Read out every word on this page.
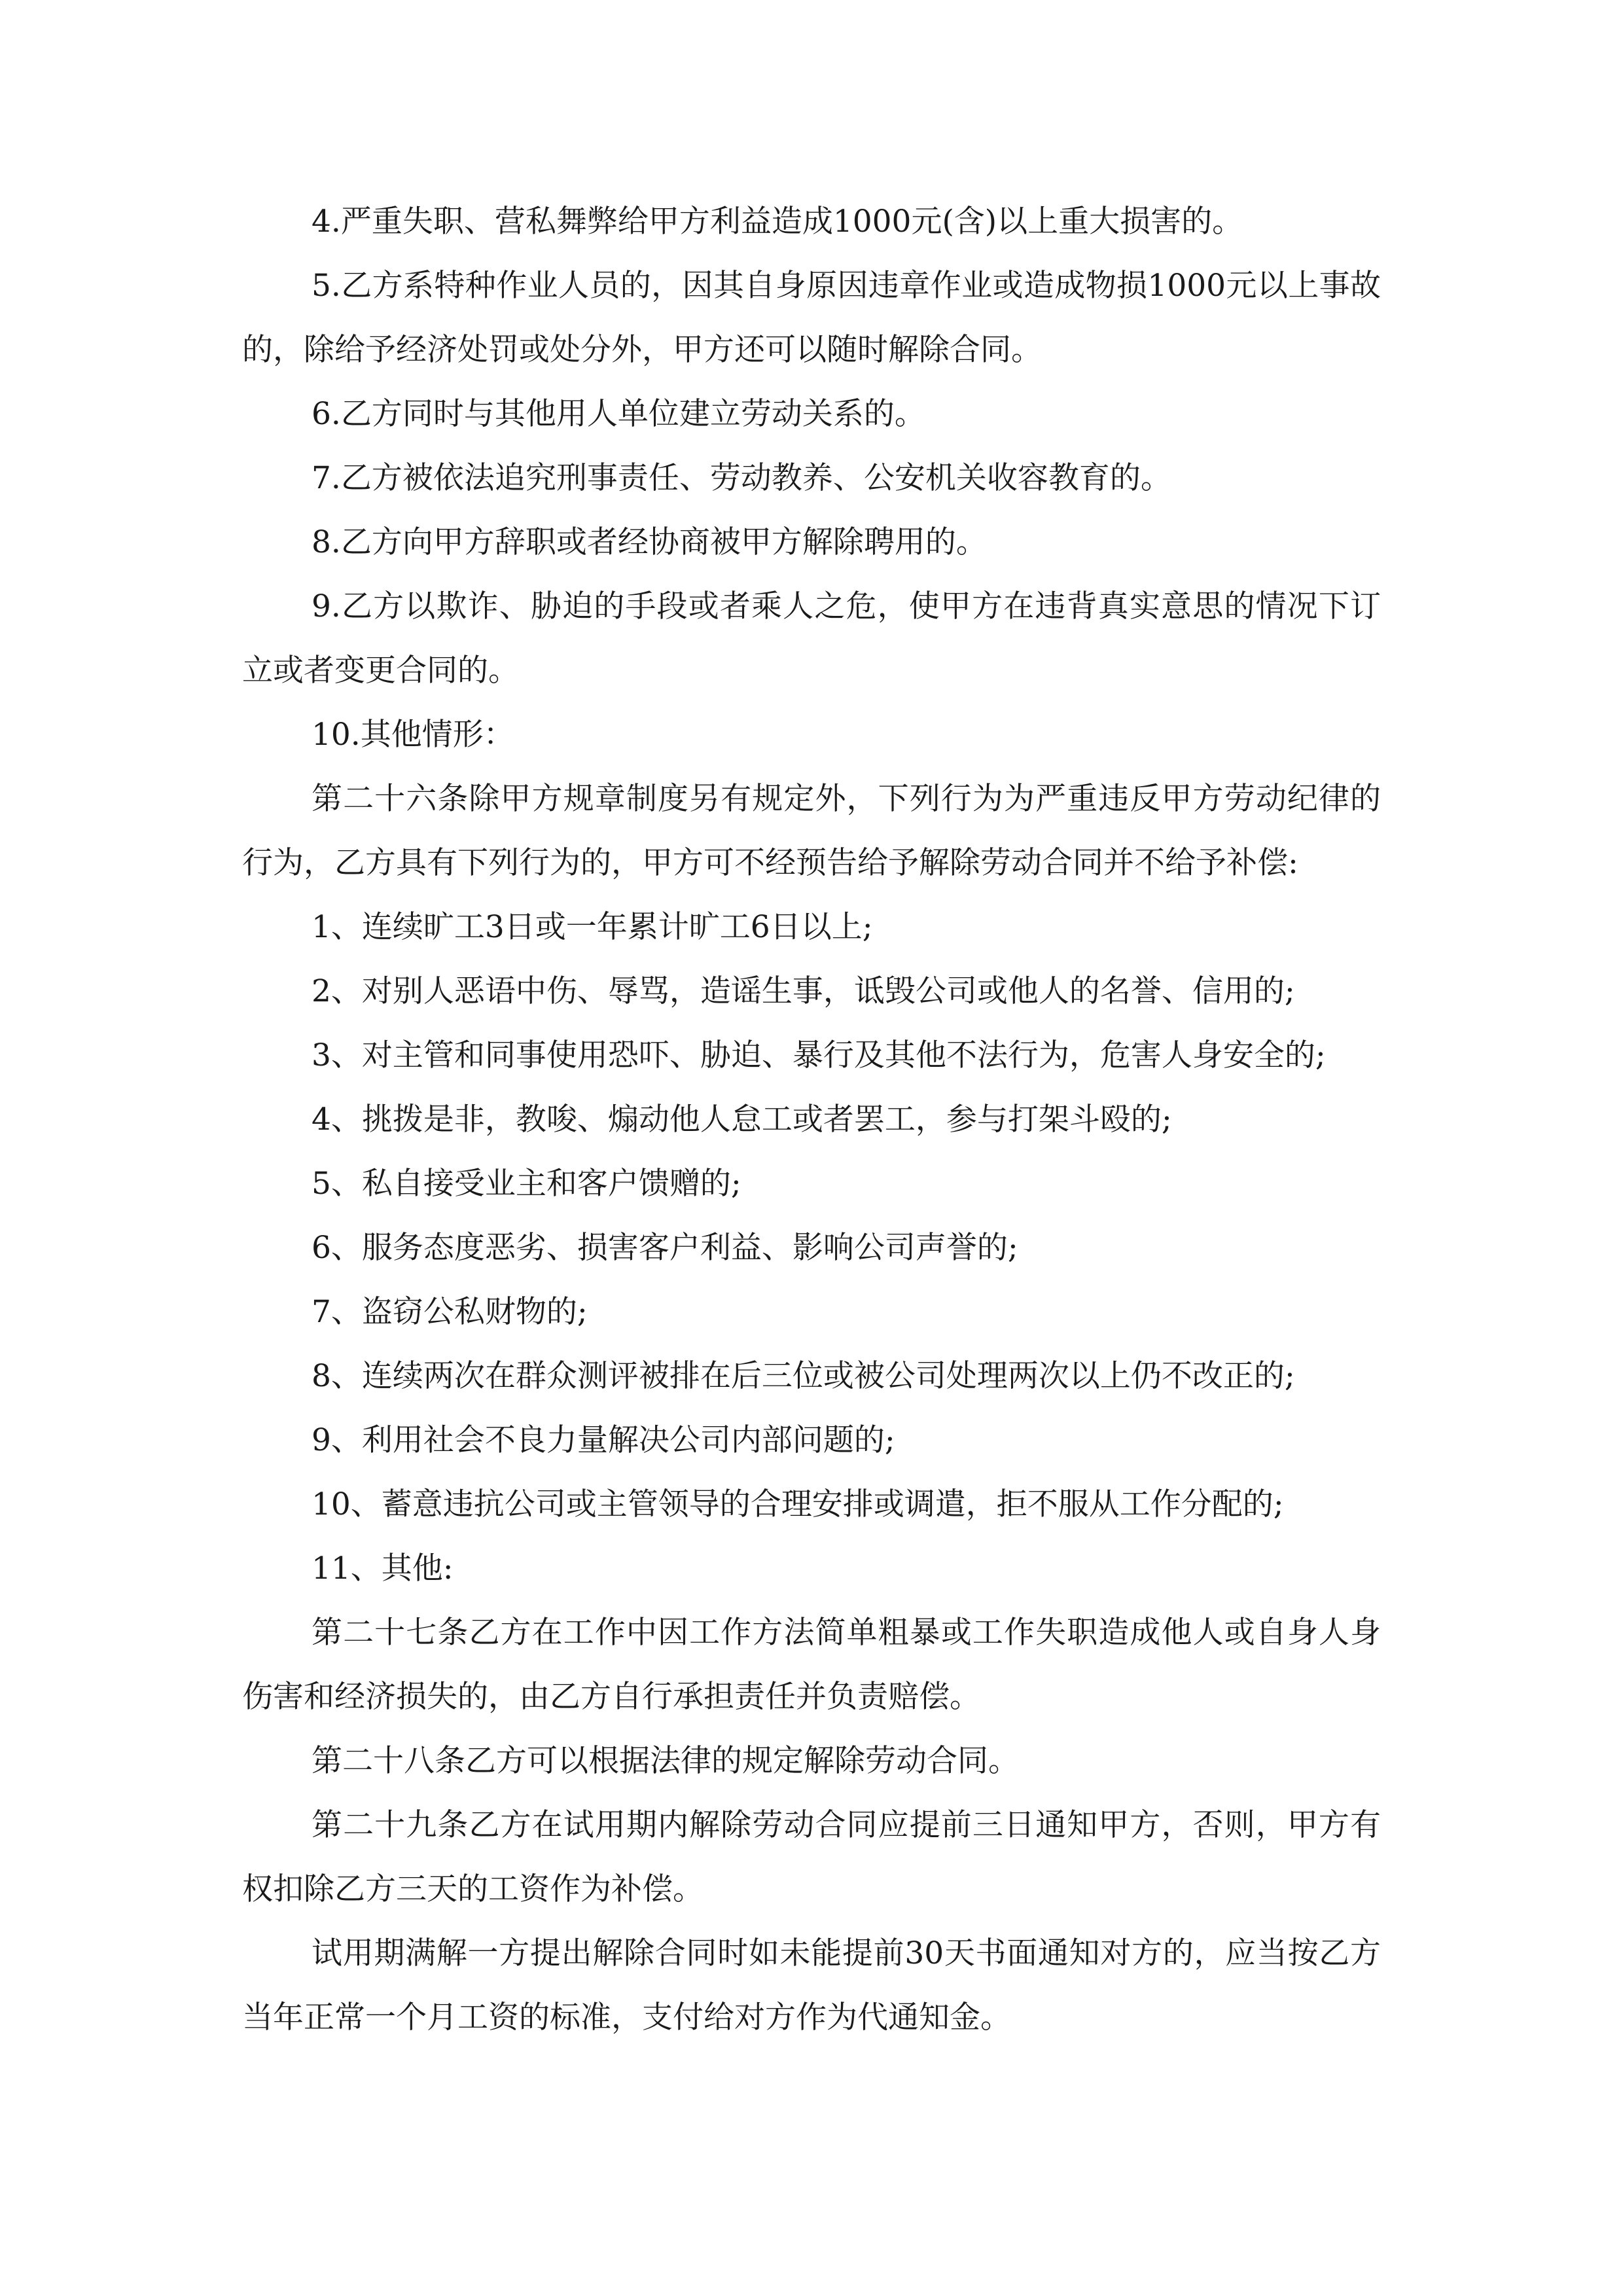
4.严重失职、营私舞弊给甲方利益造成1000元(含)以上重大损害的。

5.乙方系特种作业人员的，因其自身原因违章作业或造成物损1000元以上事故的，除给予经济处罚或处分外，甲方还可以随时解除合同。

6.乙方同时与其他用人单位建立劳动关系的。

7.乙方被依法追究刑事责任、劳动教养、公安机关收容教育的。

8.乙方向甲方辞职或者经协商被甲方解除聘用的。

9.乙方以欺诈、胁迫的手段或者乘人之危，使甲方在违背真实意思的情况下订立或者变更合同的。

10.其他情形：

第二十六条除甲方规章制度另有规定外，下列行为为严重违反甲方劳动纪律的行为，乙方具有下列行为的，甲方可不经预告给予解除劳动合同并不给予补偿:

1、连续旷工3日或一年累计旷工6日以上;

2、对别人恶语中伤、辱骂，造谣生事，诋毁公司或他人的名誉、信用的;

3、对主管和同事使用恐吓、胁迫、暴行及其他不法行为，危害人身安全的;

4、挑拨是非，教唆、煽动他人怠工或者罢工，参与打架斗殴的;

5、私自接受业主和客户馈赠的;

6、服务态度恶劣、损害客户利益、影响公司声誉的;

7、盗窃公私财物的;

8、连续两次在群众测评被排在后三位或被公司处理两次以上仍不改正的;

9、利用社会不良力量解决公司内部问题的;

10、蓄意违抗公司或主管领导的合理安排或调遣，拒不服从工作分配的;

11、其他:

第二十七条乙方在工作中因工作方法简单粗暴或工作失职造成他人或自身人身伤害和经济损失的，由乙方自行承担责任并负责赔偿。

第二十八条乙方可以根据法律的规定解除劳动合同。

第二十九条乙方在试用期内解除劳动合同应提前三日通知甲方，否则，甲方有权扣除乙方三天的工资作为补偿。

试用期满解一方提出解除合同时如未能提前30天书面通知对方的，应当按乙方当年正常一个月工资的标准，支付给对方作为代通知金。
